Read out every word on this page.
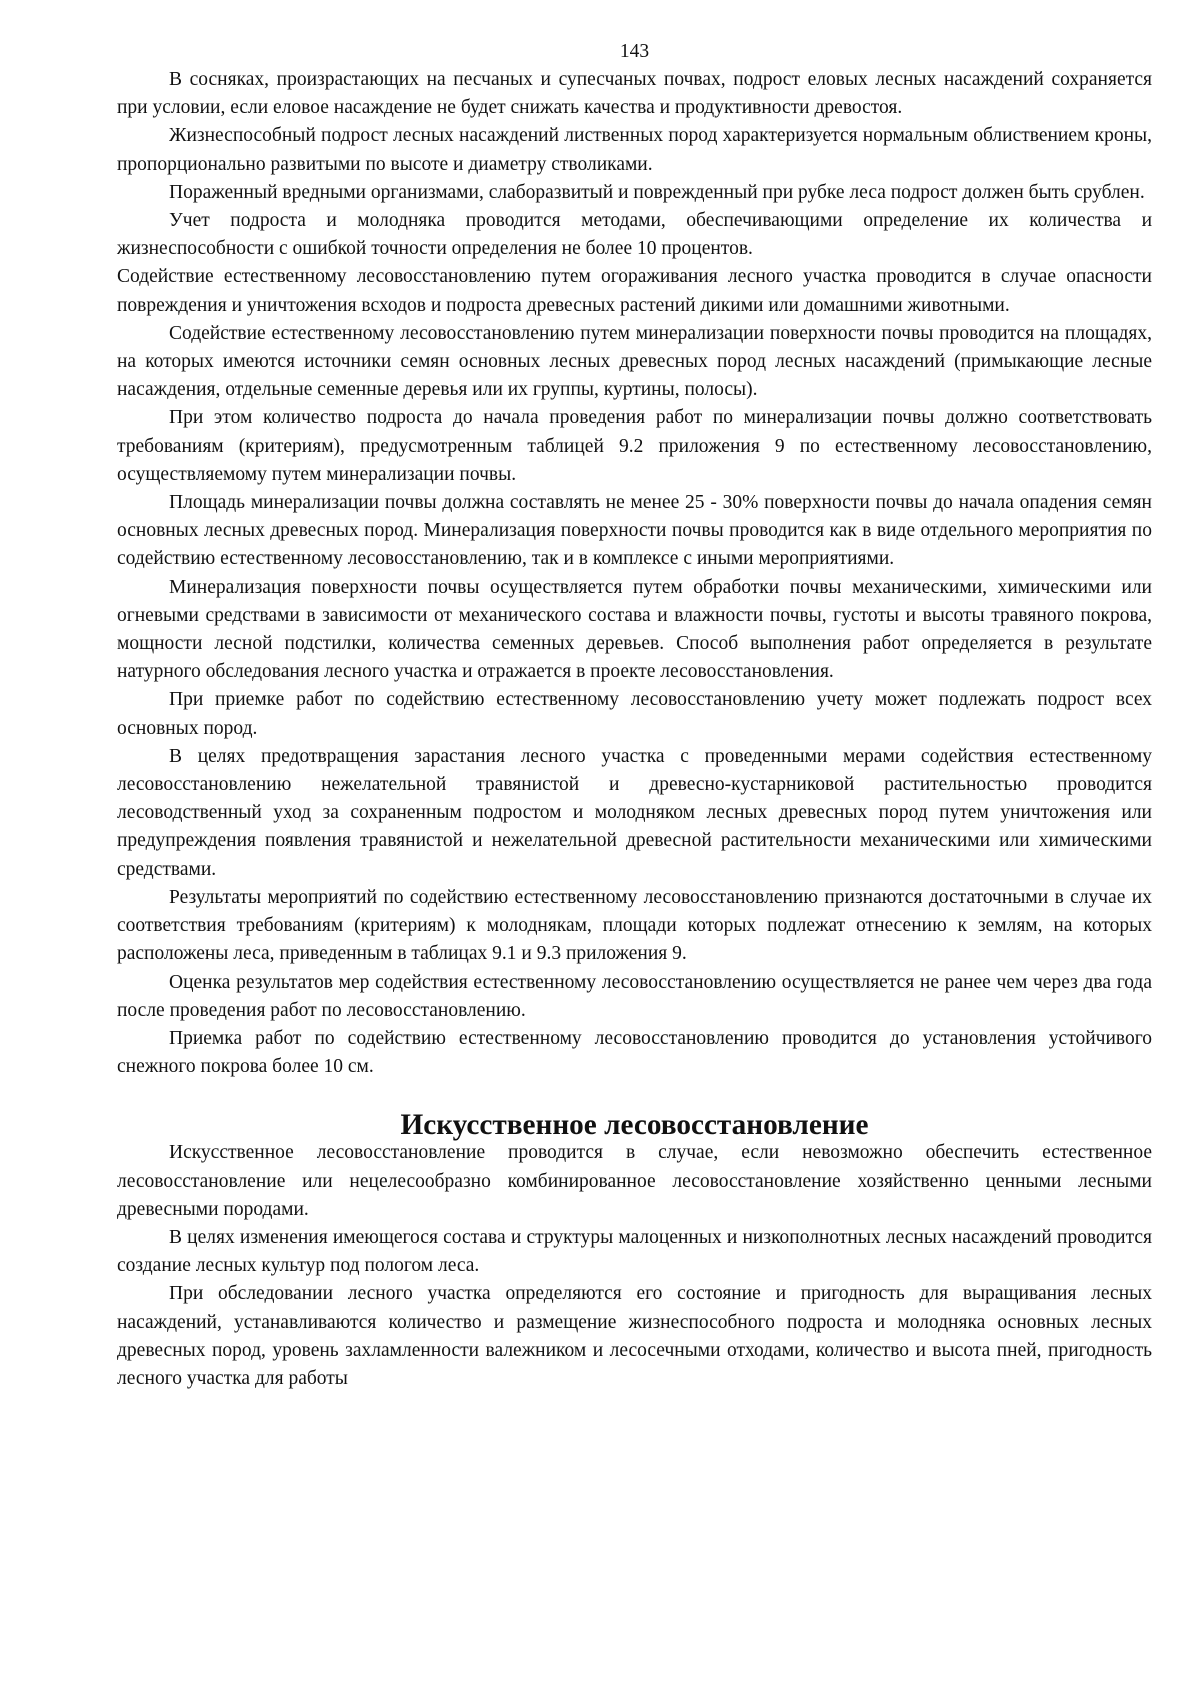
143

В сосняках, произрастающих на песчаных и супесчаных почвах, подрост еловых лесных насаждений сохраняется при условии, если еловое насаждение не будет снижать качества и продуктивности древостоя.

Жизнеспособный подрост лесных насаждений лиственных пород характеризуется нормальным облиствением кроны, пропорционально развитыми по высоте и диаметру стволиками.

Пораженный вредными организмами, слаборазвитый и поврежденный при рубке леса подрост должен быть срублен.

Учет подроста и молодняка проводится методами, обеспечивающими определение их количества и жизнеспособности с ошибкой точности определения не более 10 процентов.

Содействие естественному лесовосстановлению путем огораживания лесного участка проводится в случае опасности повреждения и уничтожения всходов и подроста древесных растений дикими или домашними животными.

Содействие естественному лесовосстановлению путем минерализации поверхности почвы проводится на площадях, на которых имеются источники семян основных лесных древесных пород лесных насаждений (примыкающие лесные насаждения, отдельные семенные деревья или их группы, куртины, полосы).

При этом количество подроста до начала проведения работ по минерализации почвы должно соответствовать требованиям (критериям), предусмотренным таблицей 9.2 приложения 9 по естественному лесовосстановлению, осуществляемому путем минерализации почвы.

Площадь минерализации почвы должна составлять не менее 25 - 30% поверхности почвы до начала опадения семян основных лесных древесных пород. Минерализация поверхности почвы проводится как в виде отдельного мероприятия по содействию естественному лесовосстановлению, так и в комплексе с иными мероприятиями.

Минерализация поверхности почвы осуществляется путем обработки почвы механическими, химическими или огневыми средствами в зависимости от механического состава и влажности почвы, густоты и высоты травяного покрова, мощности лесной подстилки, количества семенных деревьев. Способ выполнения работ определяется в результате натурного обследования лесного участка и отражается в проекте лесовосстановления.

При приемке работ по содействию естественному лесовосстановлению учету может подлежать подрост всех основных пород.

В целях предотвращения зарастания лесного участка с проведенными мерами содействия естественному лесовосстановлению нежелательной травянистой и древесно-кустарниковой растительностью проводится лесоводственный уход за сохраненным подростом и молодняком лесных древесных пород путем уничтожения или предупреждения появления травянистой и нежелательной древесной растительности механическими или химическими средствами.

Результаты мероприятий по содействию естественному лесовосстановлению признаются достаточными в случае их соответствия требованиям (критериям) к молоднякам, площади которых подлежат отнесению к землям, на которых расположены леса, приведенным в таблицах 9.1 и 9.3 приложения 9.

Оценка результатов мер содействия естественному лесовосстановлению осуществляется не ранее чем через два года после проведения работ по лесовосстановлению.

Приемка работ по содействию естественному лесовосстановлению проводится до установления устойчивого снежного покрова более 10 см.

Искусственное лесовосстановление

Искусственное лесовосстановление проводится в случае, если невозможно обеспечить естественное лесовосстановление или нецелесообразно комбинированное лесовосстановление хозяйственно ценными лесными древесными породами.

В целях изменения имеющегося состава и структуры малоценных и низкополнотных лесных насаждений проводится создание лесных культур под пологом леса.

При обследовании лесного участка определяются его состояние и пригодность для выращивания лесных насаждений, устанавливаются количество и размещение жизнеспособного подроста и молодняка основных лесных древесных пород, уровень захламленности валежником и лесосечными отходами, количество и высота пней, пригодность лесного участка для работы
